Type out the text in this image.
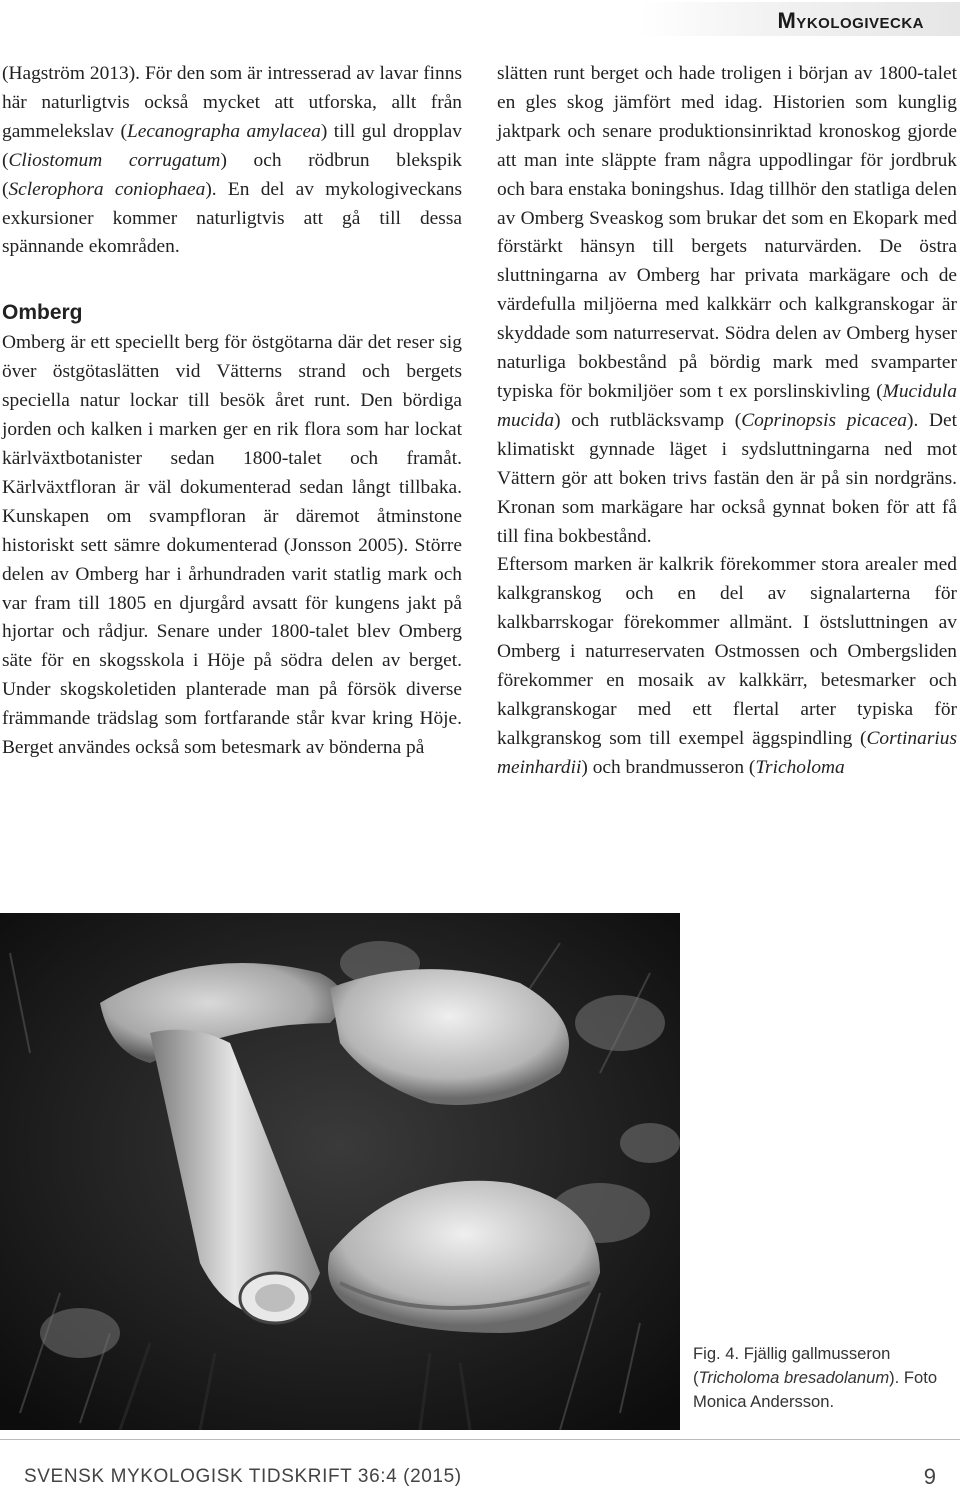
Mykologivecka

(Hagström 2013). För den som är intresserad av lavar finns här naturligtvis också mycket att utforska, allt från gammelekslav (Lecanographa amylacea) till gul dropplav (Cliostomum corrugatum) och rödbrun blekspik (Sclerophora coniophaea). En del av mykologiveckans exkursioner kommer naturligtvis att gå till dessa spännande ekområden.

Omberg

Omberg är ett speciellt berg för östgötarna där det reser sig över östgötaslätten vid Vätterns strand och bergets speciella natur lockar till besök året runt. Den bördiga jorden och kalken i marken ger en rik flora som har lockat kärlväxtbotanister sedan 1800-talet och framåt. Kärlväxtfloran är väl dokumenterad sedan långt tillbaka. Kunskapen om svampfloran är däremot åtminstone historiskt sett sämre dokumenterad (Jonsson 2005). Större delen av Omberg har i århundraden varit statlig mark och var fram till 1805 en djurgård avsatt för kungens jakt på hjortar och rådjur. Senare under 1800-talet blev Omberg säte för en skogsskola i Höje på södra delen av berget. Under skogskoletiden planterade man på försök diverse främmande trädslag som fortfarande står kvar kring Höje. Berget användes också som betesmark av bönderna på

slätten runt berget och hade troligen i början av 1800-talet en gles skog jämfört med idag. Historien som kunglig jaktpark och senare produktionsinriktad kronoskog gjorde att man inte släppte fram några uppodlingar för jordbruk och bara enstaka boningshus. Idag tillhör den statliga delen av Omberg Sveaskog som brukar det som en Ekopark med förstärkt hänsyn till bergets naturvärden. De östra sluttningarna av Omberg har privata markägare och de värdefulla miljöerna med kalkkärr och kalkgranskogar är skyddade som naturreservat. Södra delen av Omberg hyser naturliga bokbestånd på bördig mark med svamparter typiska för bokmiljöer som t ex porslinskivling (Mucidula mucida) och rutbläcksvamp (Coprinopsis picacea). Det klimatiskt gynnade läget i sydsluttningarna ned mot Vättern gör att boken trivs fastän den är på sin nordgräns. Kronan som markägare har också gynnat boken för att få till fina bokbestånd.

Eftersom marken är kalkrik förekommer stora arealer med kalkgranskog och en del av signalarterna för kalkbarrskogar förekommer allmänt. I östsluttningen av Omberg i naturreservaten Ostmossen och Ombergsliden förekommer en mosaik av kalkkärr, betesmarker och kalkgranskogar med ett flertal arter typiska för kalkgranskog som till exempel äggspindling (Cortinarius meinhardii) och brandmusseron (Tricholoma

Fig. 4. Fjällig gallmusseron (Tricholoma bresadolanum). Foto Monica Andersson.
SVENSK MYKOLOGISK TIDSKRIFT 36:4 (2015)	9
